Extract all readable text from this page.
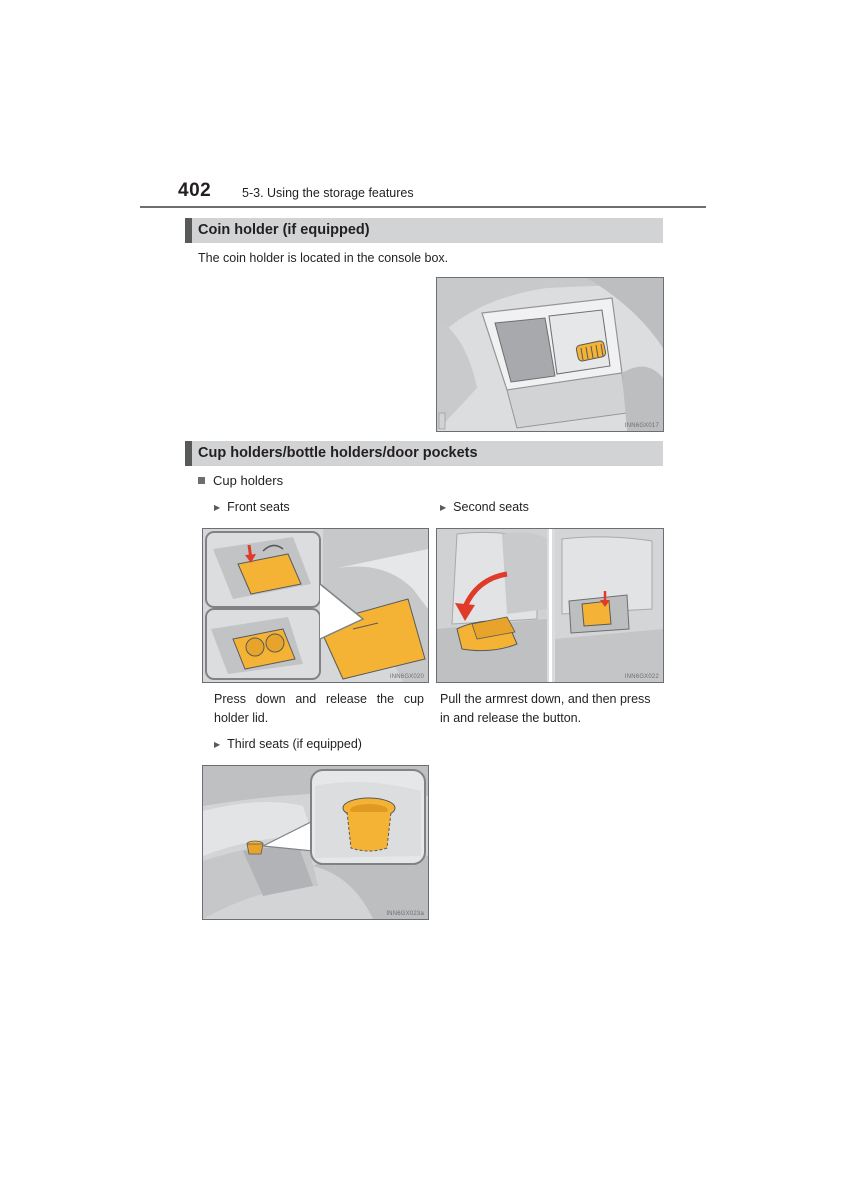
402 5-3. Using the storage features
Coin holder (if equipped)
The coin holder is located in the console box.
INN6GX017
Cup holders/bottle holders/door pockets
Cup holders
▶ Front seats	▶ Second seats
INN6GX020	INN6GX022
Press down and release the cup
holder lid.
Pull the armrest down, and then press
in and release the button.
▶ Third seats (if equipped)
INN6GX023a
